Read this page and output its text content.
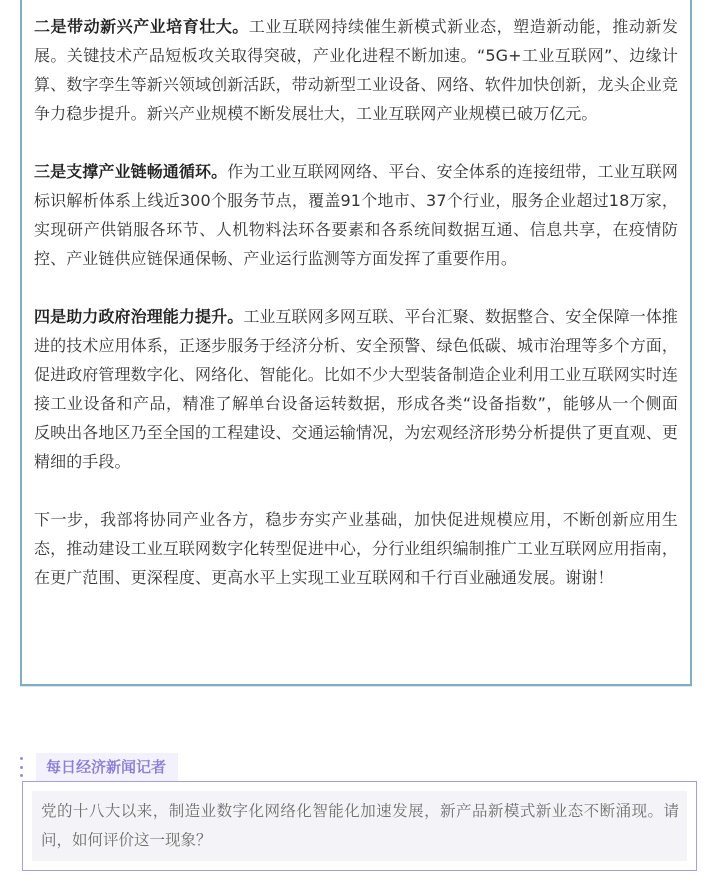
二是带动新兴产业培育壮大。工业互联网持续催生新模式新业态，塑造新动能，推动新发展。关键技术产品短板攻关取得突破，产业化进程不断加速。“5G+工业互联网”、边缘计算、数字孪生等新兴领域创新活跃，带动新型工业设备、网络、软件加快创新，龙头企业竞争力稳步提升。新兴产业规模不断发展壮大，工业互联网产业规模已破万亿元。

三是支撑产业链畅通循环。作为工业互联网网络、平台、安全体系的连接纽带，工业互联网标识解析体系上线近300个服务节点，覆盖91个地市、37个行业，服务企业超过18万家，实现研产供销服各环节、人机物料法环各要素和各系统间数据互通、信息共享，在疫情防控、产业链供应链保通保畅、产业运行监测等方面发挥了重要作用。

四是助力政府治理能力提升。工业互联网多网互联、平台汇聚、数据整合、安全保障一体推进的技术应用体系，正逐步服务于经济分析、安全预警、绿色低碳、城市治理等多个方面，促进政府管理数字化、网络化、智能化。比如不少大型装备制造企业利用工业互联网实时连接工业设备和产品，精准了解单台设备运转数据，形成各类“设备指数”，能够从一个侧面反映出各地区乃至全国的工程建设、交通运输情况，为宏观经济形势分析提供了更直观、更精细的手段。

下一步，我部将协同产业各方，稳步夯实产业基础，加快促进规模应用，不断创新应用生态，推动建设工业互联网数字化转型促进中心，分行业组织编制推广工业互联网应用指南，在更广范围、更深程度、更高水平上实现工业互联网和千行百业融通发展。谢谢！

每日经济新闻记者
党的十八大以来，制造业数字化网络化智能化加速发展，新产品新模式新业态不断涌现。请问，如何评价这一现象？
